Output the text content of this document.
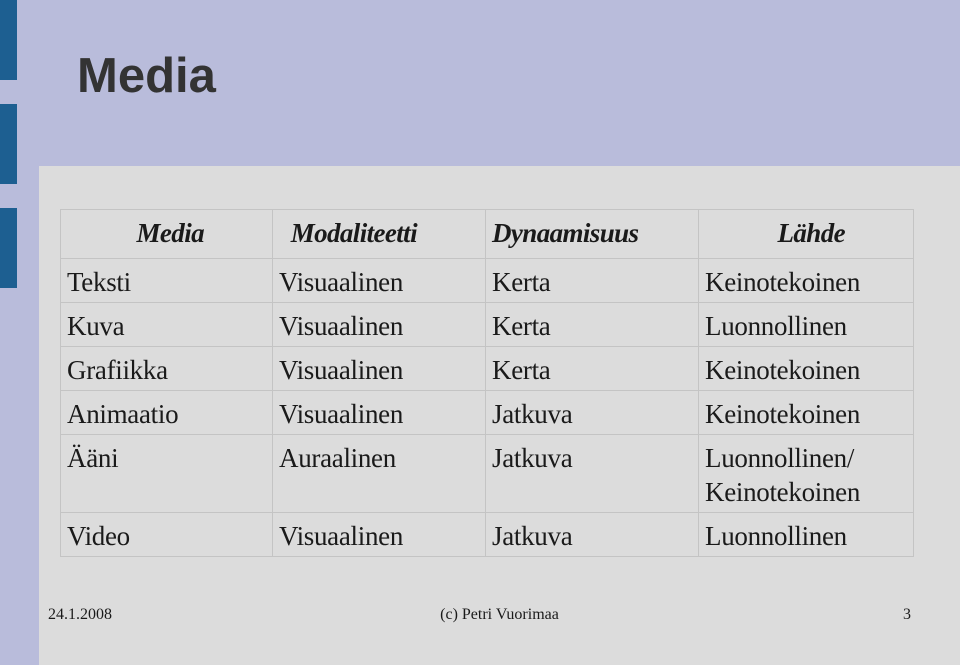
Media
Media	Modaliteetti	Dynaamisuus	Lähde
Teksti	Visuaalinen	Kerta	Keinotekoinen
Kuva	Visuaalinen	Kerta	Luonnollinen
Grafiikka	Visuaalinen	Kerta	Keinotekoinen
Animaatio	Visuaalinen	Jatkuva	Keinotekoinen
Ääni	Auraalinen	Jatkuva	Luonnollinen/ Keinotekoinen
Video	Visuaalinen	Jatkuva	Luonnollinen
24.1.2008	(c) Petri Vuorimaa	3
